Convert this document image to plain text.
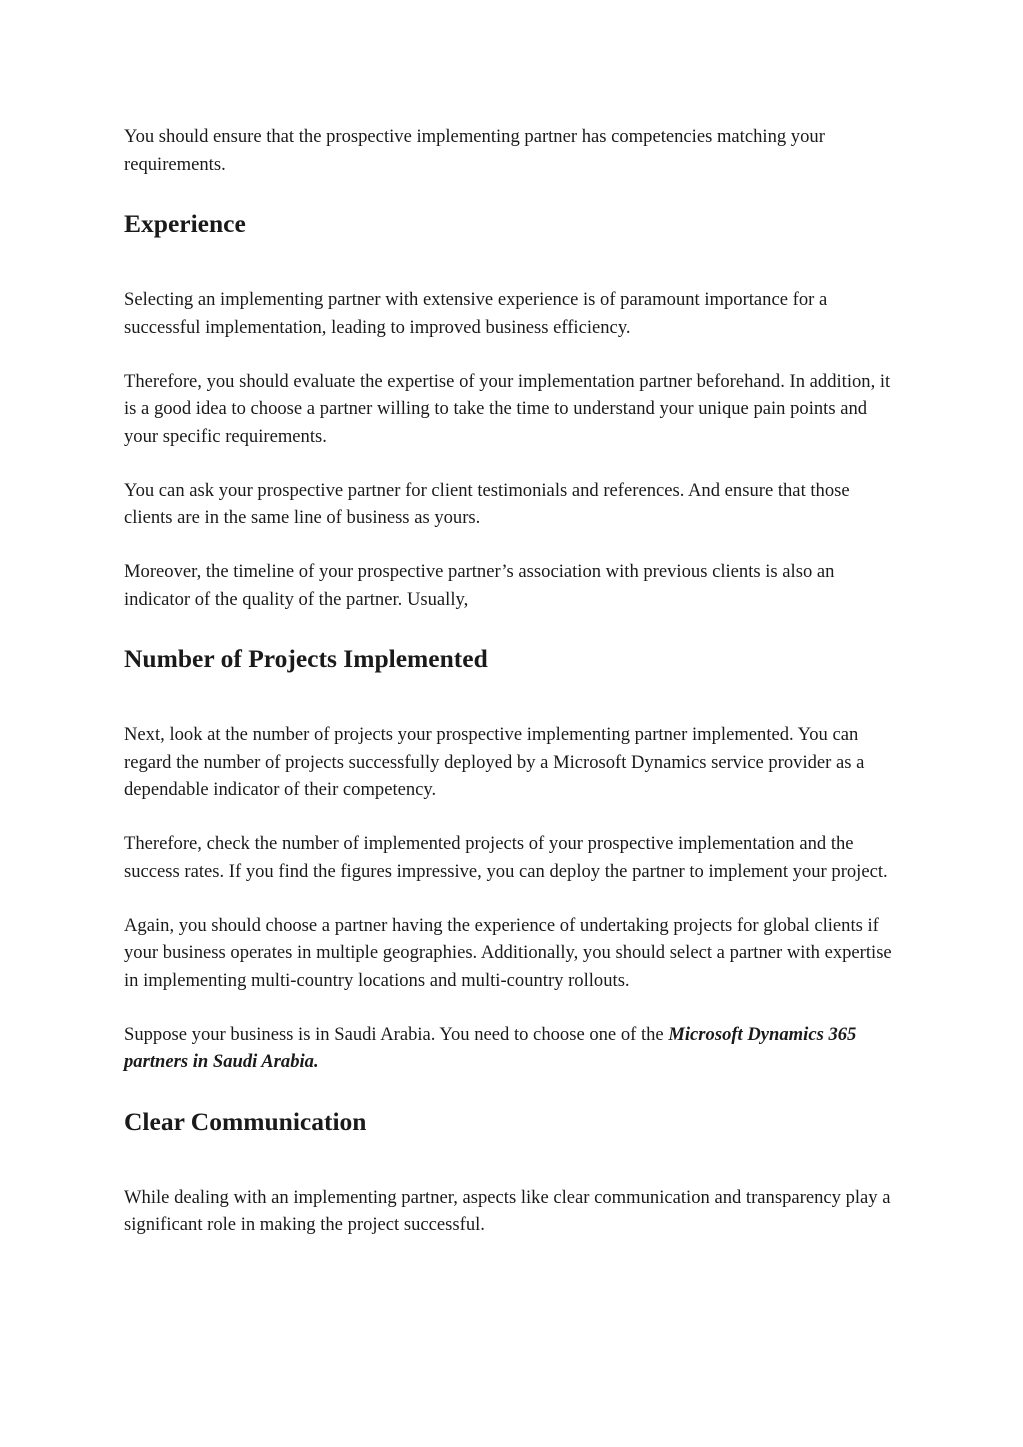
You should ensure that the prospective implementing partner has competencies matching your requirements.

Experience

Selecting an implementing partner with extensive experience is of paramount importance for a successful implementation, leading to improved business efficiency.

Therefore, you should evaluate the expertise of your implementation partner beforehand. In addition, it is a good idea to choose a partner willing to take the time to understand your unique pain points and your specific requirements.

You can ask your prospective partner for client testimonials and references. And ensure that those clients are in the same line of business as yours.

Moreover, the timeline of your prospective partner’s association with previous clients is also an indicator of the quality of the partner. Usually,

Number of Projects Implemented

Next, look at the number of projects your prospective implementing partner implemented. You can regard the number of projects successfully deployed by a Microsoft Dynamics service provider as a dependable indicator of their competency.

Therefore, check the number of implemented projects of your prospective implementation and the success rates. If you find the figures impressive, you can deploy the partner to implement your project.

Again, you should choose a partner having the experience of undertaking projects for global clients if your business operates in multiple geographies. Additionally, you should select a partner with expertise in implementing multi-country locations and multi-country rollouts.

Suppose your business is in Saudi Arabia. You need to choose one of the Microsoft Dynamics 365 partners in Saudi Arabia.

Clear Communication

While dealing with an implementing partner, aspects like clear communication and transparency play a significant role in making the project successful.
